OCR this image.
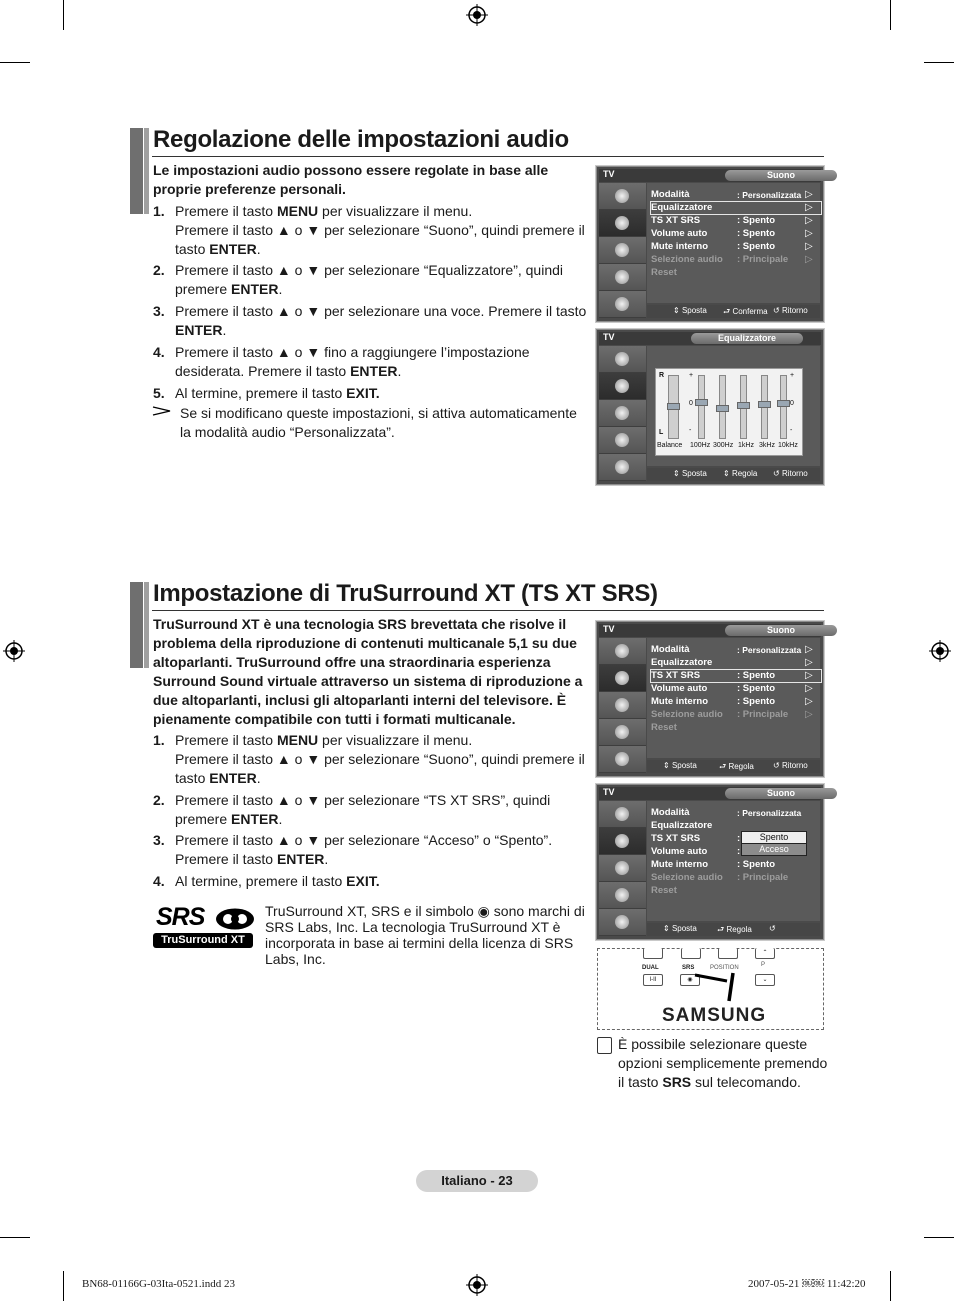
Regolazione delle impostazioni audio
Le impostazioni audio possono essere regolate in base alle proprie preferenze personali.
1. Premere il tasto MENU per visualizzare il menu.
Premere il tasto ▲ o ▼ per selezionare “Suono”, quindi premere il tasto ENTER.
2. Premere il tasto ▲ o ▼ per selezionare “Equalizzatore”, quindi premere ENTER.
3. Premere il tasto ▲ o ▼ per selezionare una voce. Premere il tasto ENTER.
4. Premere il tasto ▲ o ▼ fino a raggiungere l’impostazione desiderata. Premere il tasto ENTER.
5. Al termine, premere il tasto EXIT.
Se si modificano queste impostazioni, si attiva automaticamente la modalità audio “Personalizzata”.
TV	Suono
Modalità	: Personalizzata ▷
Equalizzatore	▷
TS XT SRS	: Spento	▷
Volume auto	: Spento	▷
Mute interno	: Spento	▷
Selezione audio : Principale ▷
Reset
⇕ Sposta ⮐ Conferma ↺ Ritorno
TV	Equalizzatore
R
L
+
0
-
+
0
-
Balance 100Hz 300Hz 1kHz 3kHz 10kHz
⇕ Sposta ⇕ Regola ↺ Ritorno
Impostazione di TruSurround XT (TS XT SRS)
TruSurround XT è una tecnologia SRS brevettata che risolve il problema della riproduzione di contenuti multicanale 5,1 su due altoparlanti. TruSurround offre una straordinaria esperienza Surround Sound virtuale attraverso un sistema di riproduzione a due altoparlanti, inclusi gli altoparlanti interni del televisore. È pienamente compatibile con tutti i formati multicanale.
1. Premere il tasto MENU per visualizzare il menu.
Premere il tasto ▲ o ▼ per selezionare “Suono”, quindi premere il tasto ENTER.
2. Premere il tasto ▲ o ▼ per selezionare “TS XT SRS”, quindi premere ENTER.
3. Premere il tasto ▲ o ▼ per selezionare “Acceso” o “Spento”. Premere il tasto ENTER.
4. Al termine, premere il tasto EXIT.
TV	Suono
Modalità	: Personalizzata ▷
Equalizzatore	▷
TS XT SRS	: Spento	▷
Volume auto	: Spento	▷
Mute interno	: Spento	▷
Selezione audio : Principale ▷
Reset
⇕ Sposta	⮐ Regola ↺ Ritorno
TV	Suono
Modalità	: Personalizzata
Equalizzatore
TS XT SRS	:
Volume auto	:
Mute interno	: Spento
Selezione audio : Principale
Reset
Spento
Acceso
⇕ Sposta	⮐ Regola ↺
SRS
TruSurround XT
TruSurround XT, SRS e il simbolo ◉ sono marchi di SRS Labs, Inc. La tecnologia TruSurround XT è incorporata in base ai termini della licenza di SRS Labs, Inc.	⌃
DUAL
I-II
SRS
◉
POSITION	P
⌄
SAMSUNG
È possibile selezionare queste opzioni semplicemente premendo il tasto SRS sul telecomando.
Italiano - 23
BN68-01166G-03Ita-0521.indd 23	2007-05-21 ￼￼ 11:42:20
